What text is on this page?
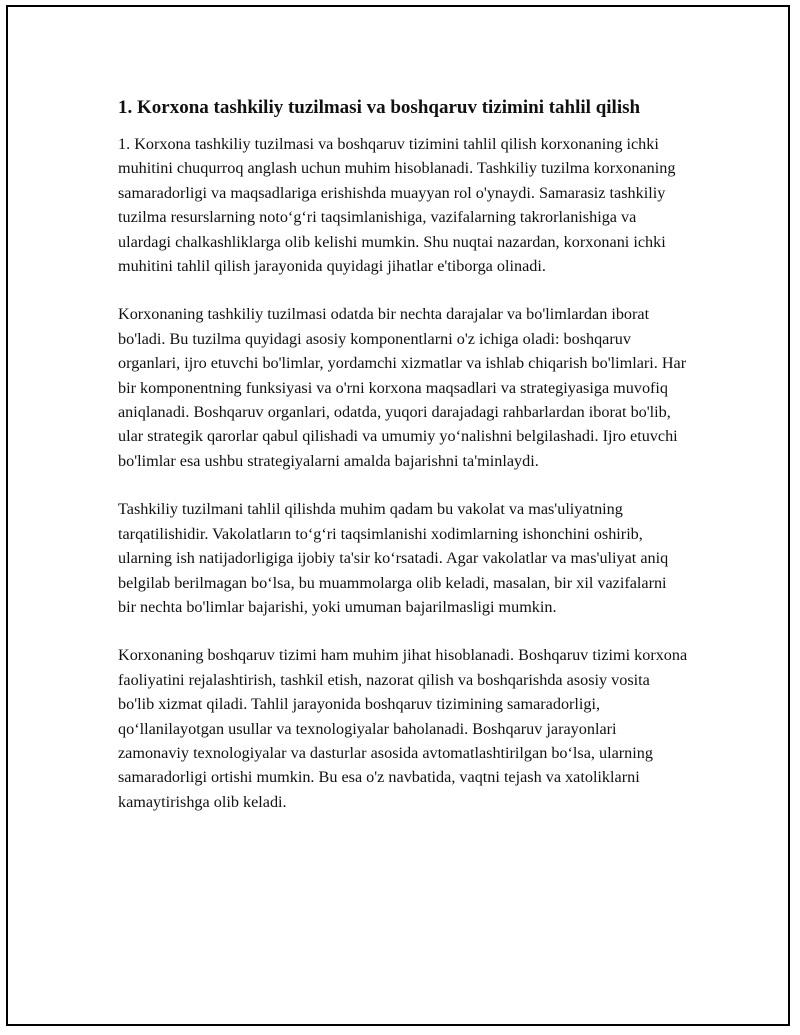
1. Korxona tashkiliy tuzilmasi va boshqaruv tizimini tahlil qilish

1. Korxona tashkiliy tuzilmasi va boshqaruv tizimini tahlil qilish korxonaning ichki muhitini chuqurroq anglash uchun muhim hisoblanadi. Tashkiliy tuzilma korxonaning samaradorligi va maqsadlariga erishishda muayyan rol o'ynaydi. Samarasiz tashkiliy tuzilma resurslarning noto‘g‘ri taqsimlanishiga, vazifalarning takrorlanishiga va ulardagi chalkashliklarga olib kelishi mumkin. Shu nuqtai nazardan, korxonani ichki muhitini tahlil qilish jarayonida quyidagi jihatlar e'tiborga olinadi.

Korxonaning tashkiliy tuzilmasi odatda bir nechta darajalar va bo'limlardan iborat bo'ladi. Bu tuzilma quyidagi asosiy komponentlarni o'z ichiga oladi: boshqaruv organlari, ijro etuvchi bo'limlar, yordamchi xizmatlar va ishlab chiqarish bo'limlari. Har bir komponentning funksiyasi va o'rni korxona maqsadlari va strategiyasiga muvofiq aniqlanadi. Boshqaruv organlari, odatda, yuqori darajadagi rahbarlardan iborat bo'lib, ular strategik qarorlar qabul qilishadi va umumiy yo‘nalishni belgilashadi. Ijro etuvchi bo'limlar esa ushbu strategiyalarni amalda bajarishni ta'minlaydi.

Tashkiliy tuzilmani tahlil qilishda muhim qadam bu vakolat va mas'uliyatning tarqatilishidir. Vakolatların to‘g‘ri taqsimlanishi xodimlarning ishonchini oshirib, ularning ish natijadorligiga ijobiy ta'sir ko‘rsatadi. Agar vakolatlar va mas'uliyat aniq belgilab berilmagan bo‘lsa, bu muammolarga olib keladi, masalan, bir xil vazifalarni bir nechta bo'limlar bajarishi, yoki umuman bajarilmasligi mumkin.

Korxonaning boshqaruv tizimi ham muhim jihat hisoblanadi. Boshqaruv tizimi korxona faoliyatini rejalashtirish, tashkil etish, nazorat qilish va boshqarishda asosiy vosita bo'lib xizmat qiladi. Tahlil jarayonida boshqaruv tizimining samaradorligi, qo‘llanilayotgan usullar va texnologiyalar baholanadi. Boshqaruv jarayonlari zamonaviy texnologiyalar va dasturlar asosida avtomatlashtirilgan bo‘lsa, ularning samaradorligi ortishi mumkin. Bu esa o'z navbatida, vaqtni tejash va xatoliklarni kamaytirishga olib keladi.
